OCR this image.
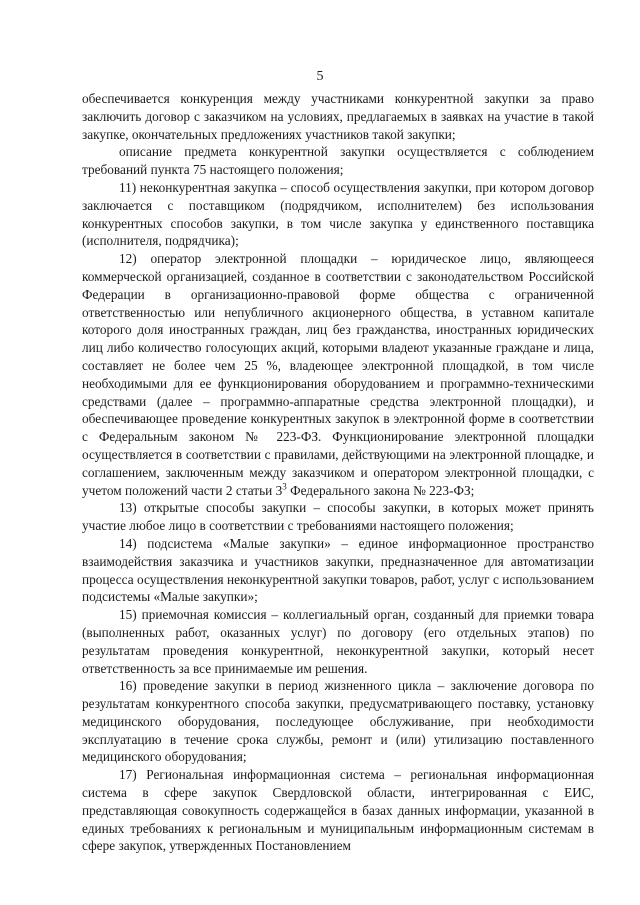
5

обеспечивается конкуренция между участниками конкурентной закупки за право заключить договор с заказчиком на условиях, предлагаемых в заявках на участие в такой закупке, окончательных предложениях участников такой закупки;

описание предмета конкурентной закупки осуществляется с соблюдением требований пункта 75 настоящего положения;

11) неконкурентная закупка – способ осуществления закупки, при котором договор заключается с поставщиком (подрядчиком, исполнителем) без использования конкурентных способов закупки, в том числе закупка у единственного поставщика (исполнителя, подрядчика);

12) оператор электронной площадки – юридическое лицо, являющееся коммерческой организацией, созданное в соответствии с законодательством Российской Федерации в организационно-правовой форме общества с ограниченной ответственностью или непубличного акционерного общества, в уставном капитале которого доля иностранных граждан, лиц без гражданства, иностранных юридических лиц либо количество голосующих акций, которыми владеют указанные граждане и лица, составляет не более чем 25 %, владеющее электронной площадкой, в том числе необходимыми для ее функционирования оборудованием и программно-техническими средствами (далее – программно-аппаратные средства электронной площадки), и обеспечивающее проведение конкурентных закупок в электронной форме в соответствии с Федеральным законом № 223-ФЗ. Функционирование электронной площадки осуществляется в соответствии с правилами, действующими на электронной площадке, и соглашением, заключенным между заказчиком и оператором электронной площадки, с учетом положений части 2 статьи $3^3$ Федерального закона № 223-ФЗ;

13) открытые способы закупки – способы закупки, в которых может принять участие любое лицо в соответствии с требованиями настоящего положения;

14) подсистема «Малые закупки» – единое информационное пространство взаимодействия заказчика и участников закупки, предназначенное для автоматизации процесса осуществления неконкурентной закупки товаров, работ, услуг с использованием подсистемы «Малые закупки»;

15) приемочная комиссия – коллегиальный орган, созданный для приемки товара (выполненных работ, оказанных услуг) по договору (его отдельных этапов) по результатам проведения конкурентной, неконкурентной закупки, который несет ответственность за все принимаемые им решения.

16) проведение закупки в период жизненного цикла – заключение договора по результатам конкурентного способа закупки, предусматривающего поставку, установку медицинского оборудования, последующее обслуживание, при необходимости эксплуатацию в течение срока службы, ремонт и (или) утилизацию поставленного медицинского оборудования;

17) Региональная информационная система – региональная информационная система в сфере закупок Свердловской области, интегрированная с ЕИС, представляющая совокупность содержащейся в базах данных информации, указанной в единых требованиях к региональным и муниципальным информационным системам в сфере закупок, утвержденных Постановлением
